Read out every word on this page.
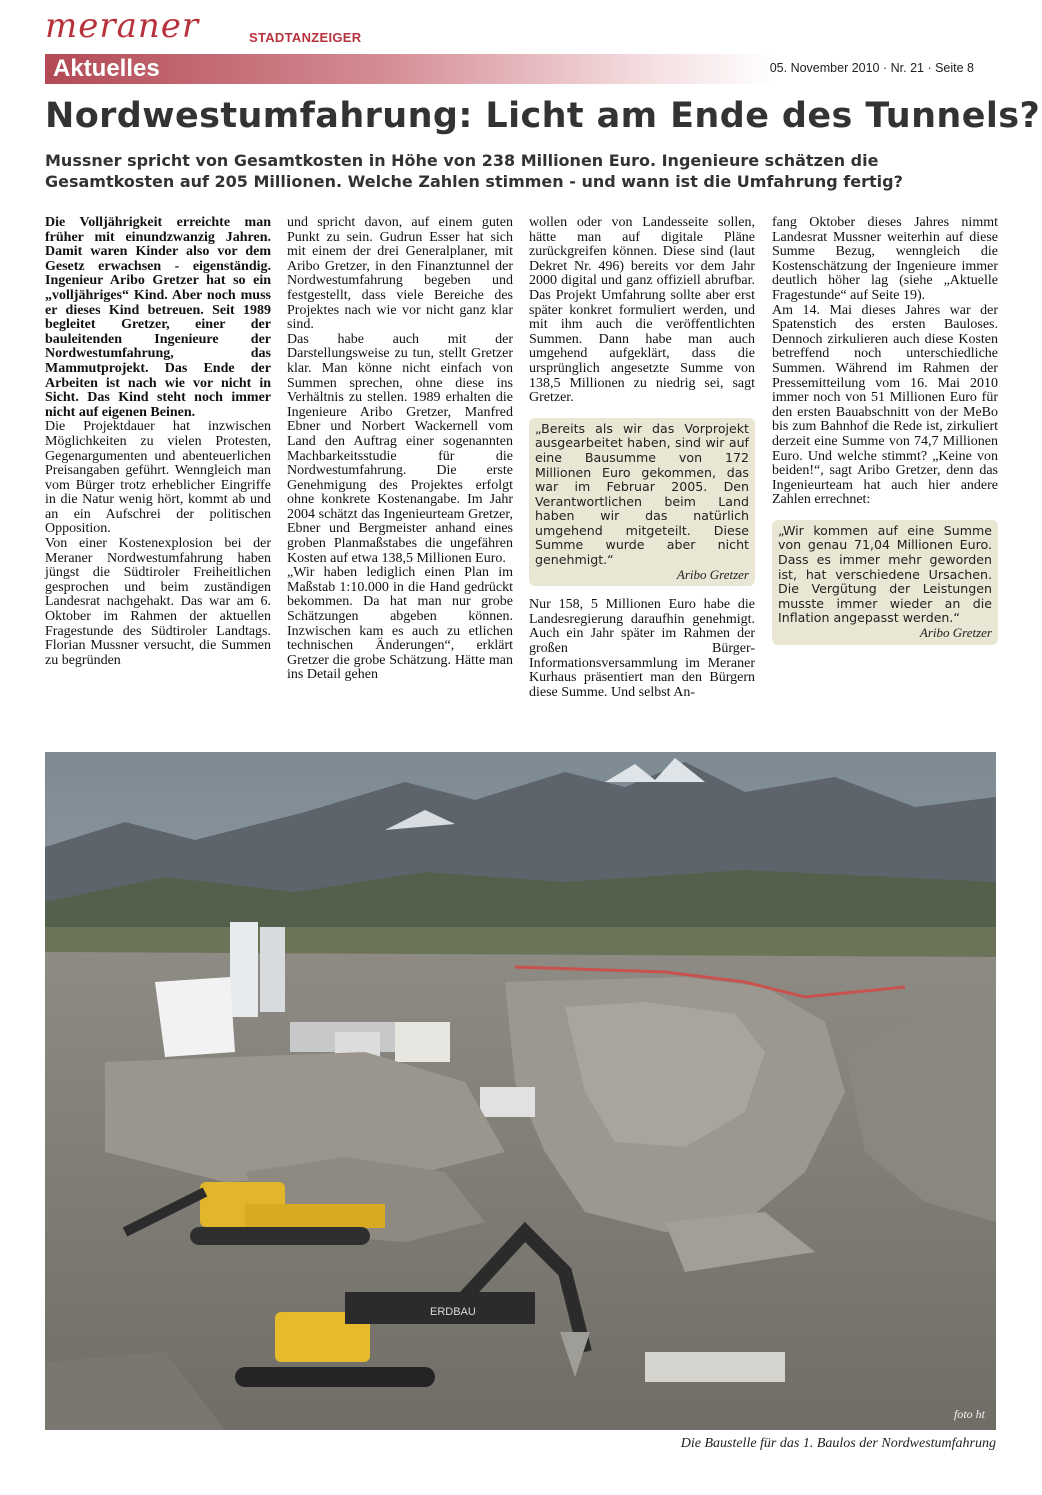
meraner	STADTANZEIGER
Aktuelles	05. November 2010 · Nr. 21 · Seite 8
Nordwestumfahrung: Licht am Ende des Tunnels?
Mussner spricht von Gesamtkosten in Höhe von 238 Millionen Euro. Ingenieure schätzen die Gesamtkosten auf 205 Millionen. Welche Zahlen stimmen - und wann ist die Umfahrung fertig?

Die Volljährigkeit erreichte man früher mit einundzwanzig Jahren. Damit waren Kinder also vor dem Gesetz erwachsen - eigenständig. Ingenieur Aribo Gretzer hat so ein „volljähriges“ Kind. Aber noch muss er dieses Kind betreuen. Seit 1989 begleitet Gretzer, einer der bauleitenden Ingenieure der Nordwestumfahrung, das Mammutprojekt. Das Ende der Arbeiten ist nach wie vor nicht in Sicht. Das Kind steht noch immer nicht auf eigenen Beinen.

Die Projektdauer hat inzwischen Möglichkeiten zu vielen Protesten, Gegenargumenten und abenteuerlichen Preisangaben geführt. Wenngleich man vom Bürger trotz erheblicher Eingriffe in die Natur wenig hört, kommt ab und an ein Aufschrei der politischen Opposition.

Von einer Kostenexplosion bei der Meraner Nordwestumfahrung haben jüngst die Südtiroler Freiheitlichen gesprochen und beim zuständigen Landesrat nachgehakt. Das war am 6. Oktober im Rahmen der aktuellen Fragestunde des Südtiroler Landtags. Florian Mussner versucht, die Summen zu begründen

und spricht davon, auf einem guten Punkt zu sein. Gudrun Esser hat sich mit einem der drei Generalplaner, mit Aribo Gretzer, in den Finanztunnel der Nordwestumfahrung begeben und festgestellt, dass viele Bereiche des Projektes nach wie vor nicht ganz klar sind.

Das habe auch mit der Darstellungsweise zu tun, stellt Gretzer klar. Man könne nicht einfach von Summen sprechen, ohne diese ins Verhältnis zu stellen. 1989 erhalten die Ingenieure Aribo Gretzer, Manfred Ebner und Norbert Wackernell vom Land den Auftrag einer sogenannten Machbarkeitsstudie für die Nordwestumfahrung. Die erste Genehmigung des Projektes erfolgt ohne konkrete Kostenangabe. Im Jahr 2004 schätzt das Ingenieurteam Gretzer, Ebner und Bergmeister anhand eines groben Planmaßstabes die ungefähren Kosten auf etwa 138,5 Millionen Euro.

„Wir haben lediglich einen Plan im Maßstab 1:10.000 in die Hand gedrückt bekommen. Da hat man nur grobe Schätzungen abgeben können. Inzwischen kam es auch zu etlichen technischen Änderungen“, erklärt Gretzer die grobe Schätzung. Hätte man ins Detail gehen

wollen oder von Landesseite sollen, hätte man auf digitale Pläne zurückgreifen können. Diese sind (laut Dekret Nr. 496) bereits vor dem Jahr 2000 digital und ganz offiziell abrufbar. Das Projekt Umfahrung sollte aber erst später konkret formuliert werden, und mit ihm auch die veröffentlichten Summen. Dann habe man auch umgehend aufgeklärt, dass die ursprünglich angesetzte Summe von 138,5 Millionen zu niedrig sei, sagt Gretzer.

„Bereits als wir das Vorprojekt ausgearbeitet haben, sind wir auf eine Bausumme von 172 Millionen Euro gekommen, das war im Februar 2005. Den Verantwortlichen beim Land haben wir das natürlich umgehend mitgeteilt. Diese Summe wurde aber nicht genehmigt.“
Aribo Gretzer

Nur 158, 5 Millionen Euro habe die Landesregierung daraufhin genehmigt. Auch ein Jahr später im Rahmen der großen Bürger-Informationsversammlung im Meraner Kurhaus präsentiert man den Bürgern diese Summe. Und selbst An-

fang Oktober dieses Jahres nimmt Landesrat Mussner weiterhin auf diese Summe Bezug, wenngleich die Kostenschätzung der Ingenieure immer deutlich höher lag (siehe „Aktuelle Fragestunde“ auf Seite 19).

Am 14. Mai dieses Jahres war der Spatenstich des ersten Bauloses. Dennoch zirkulieren auch diese Kosten betreffend noch unterschiedliche Summen. Während im Rahmen der Pressemitteilung vom 16. Mai 2010 immer noch von 51 Millionen Euro für den ersten Bauabschnitt von der MeBo bis zum Bahnhof die Rede ist, zirkuliert derzeit eine Summe von 74,7 Millionen Euro. Und welche stimmt? „Keine von beiden!“, sagt Aribo Gretzer, denn das Ingenieurteam hat auch hier andere Zahlen errechnet:

„Wir kommen auf eine Summe von genau 71,04 Millionen Euro. Dass es immer mehr geworden ist, hat verschiedene Ursachen. Die Vergütung der Leistungen musste immer wieder an die Inflation angepasst werden.“
Aribo Gretzer
ERDBAU
foto ht
Die Baustelle für das 1. Baulos der Nordwestumfahrung
